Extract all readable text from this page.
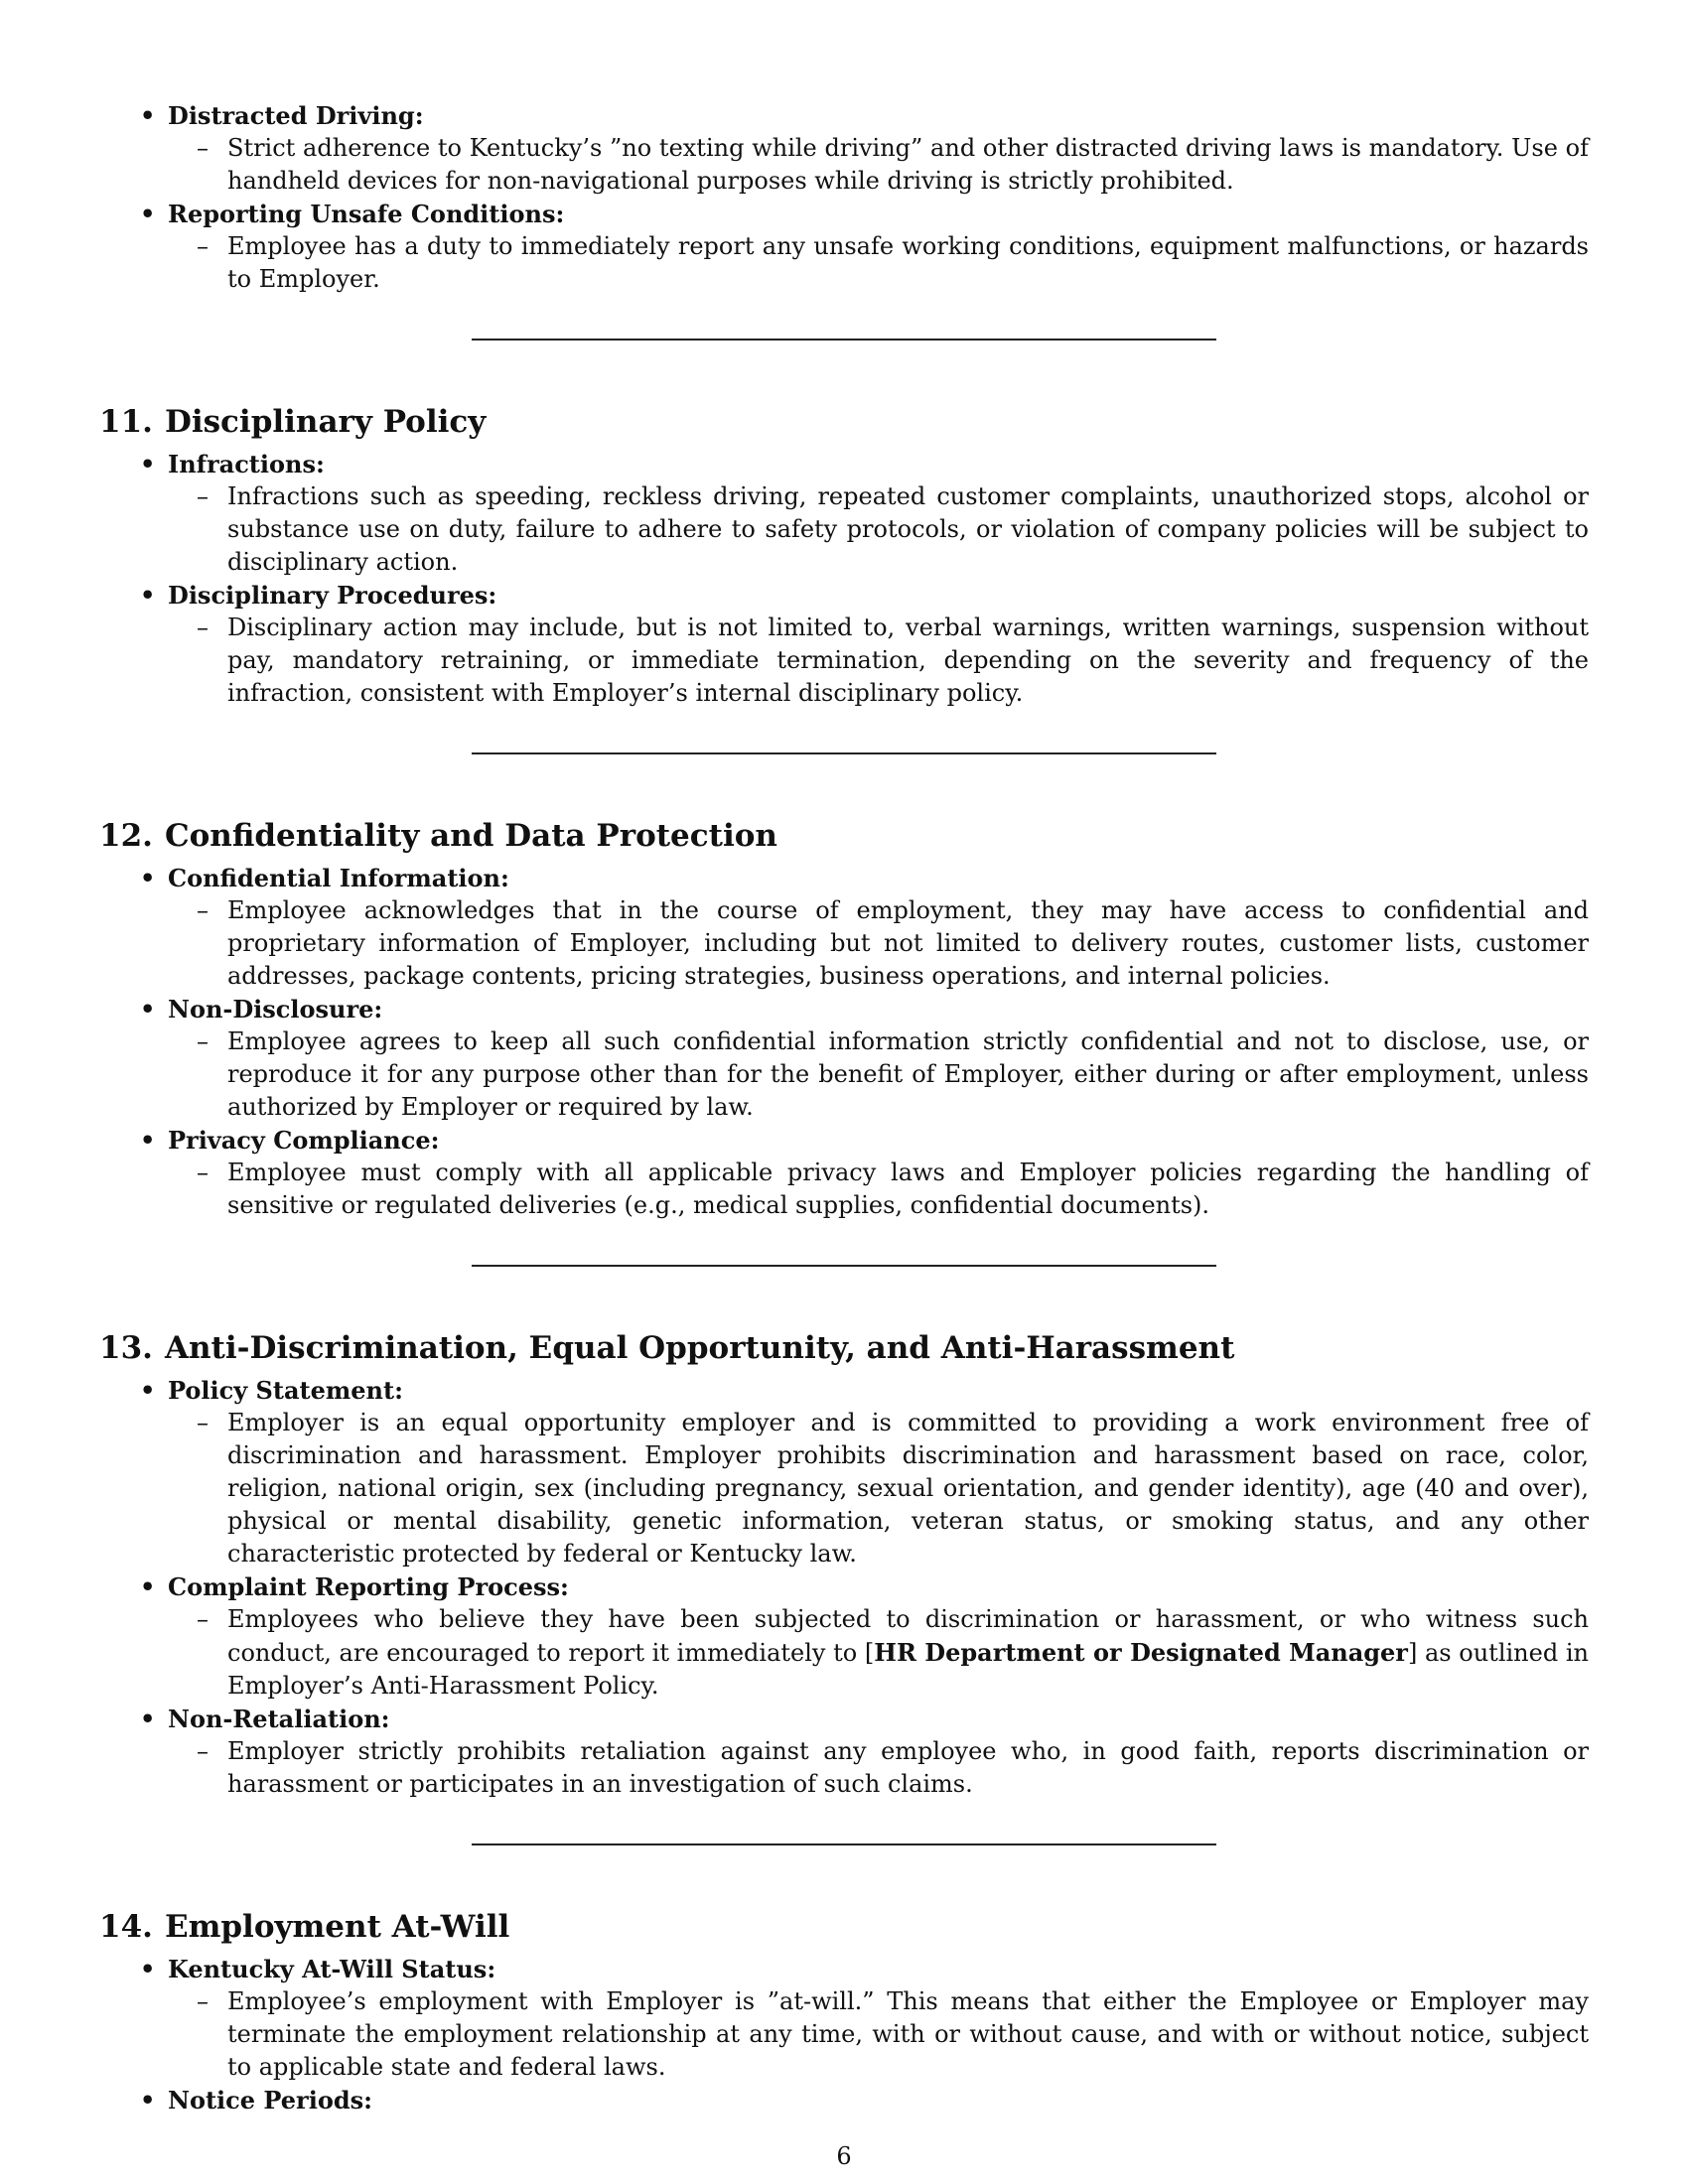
• Distracted Driving:
– Strict adherence to Kentucky’s ”no texting while driving” and other distracted driving laws is mandatory. Use of handheld devices for non-navigational purposes while driving is strictly prohibited.
• Reporting Unsafe Conditions:
– Employee has a duty to immediately report any unsafe working conditions, equipment malfunctions, or hazards to Employer.
11. Disciplinary Policy
• Infractions:
– Infractions such as speeding, reckless driving, repeated customer complaints, unauthorized stops, alcohol or substance use on duty, failure to adhere to safety protocols, or violation of company policies will be subject to disciplinary action.
• Disciplinary Procedures:
– Disciplinary action may include, but is not limited to, verbal warnings, written warnings, suspension without pay, mandatory retraining, or immediate termination, depending on the severity and frequency of the infraction, consistent with Employer’s internal disciplinary policy.
12. Confidentiality and Data Protection
• Confidential Information:
– Employee acknowledges that in the course of employment, they may have access to confidential and proprietary information of Employer, including but not limited to delivery routes, customer lists, customer addresses, package contents, pricing strategies, business operations, and internal policies.
• Non-Disclosure:
– Employee agrees to keep all such confidential information strictly confidential and not to disclose, use, or reproduce it for any purpose other than for the benefit of Employer, either during or after employment, unless authorized by Employer or required by law.
• Privacy Compliance:
– Employee must comply with all applicable privacy laws and Employer policies regarding the handling of sensitive or regulated deliveries (e.g., medical supplies, confidential documents).
13. Anti-Discrimination, Equal Opportunity, and Anti-Harassment
• Policy Statement:
– Employer is an equal opportunity employer and is committed to providing a work environment free of discrimination and harassment. Employer prohibits discrimination and harassment based on race, color, religion, national origin, sex (including pregnancy, sexual orientation, and gender identity), age (40 and over), physical or mental disability, genetic information, veteran status, or smoking status, and any other characteristic protected by federal or Kentucky law.
• Complaint Reporting Process:
– Employees who believe they have been subjected to discrimination or harassment, or who witness such conduct, are encouraged to report it immediately to [HR Department or Designated Manager] as outlined in Employer’s Anti-Harassment Policy.
• Non-Retaliation:
– Employer strictly prohibits retaliation against any employee who, in good faith, reports discrimination or harassment or participates in an investigation of such claims.
14. Employment At-Will
• Kentucky At-Will Status:
– Employee’s employment with Employer is ”at-will.” This means that either the Employee or Employer may terminate the employment relationship at any time, with or without cause, and with or without notice, subject to applicable state and federal laws.
• Notice Periods:
6
